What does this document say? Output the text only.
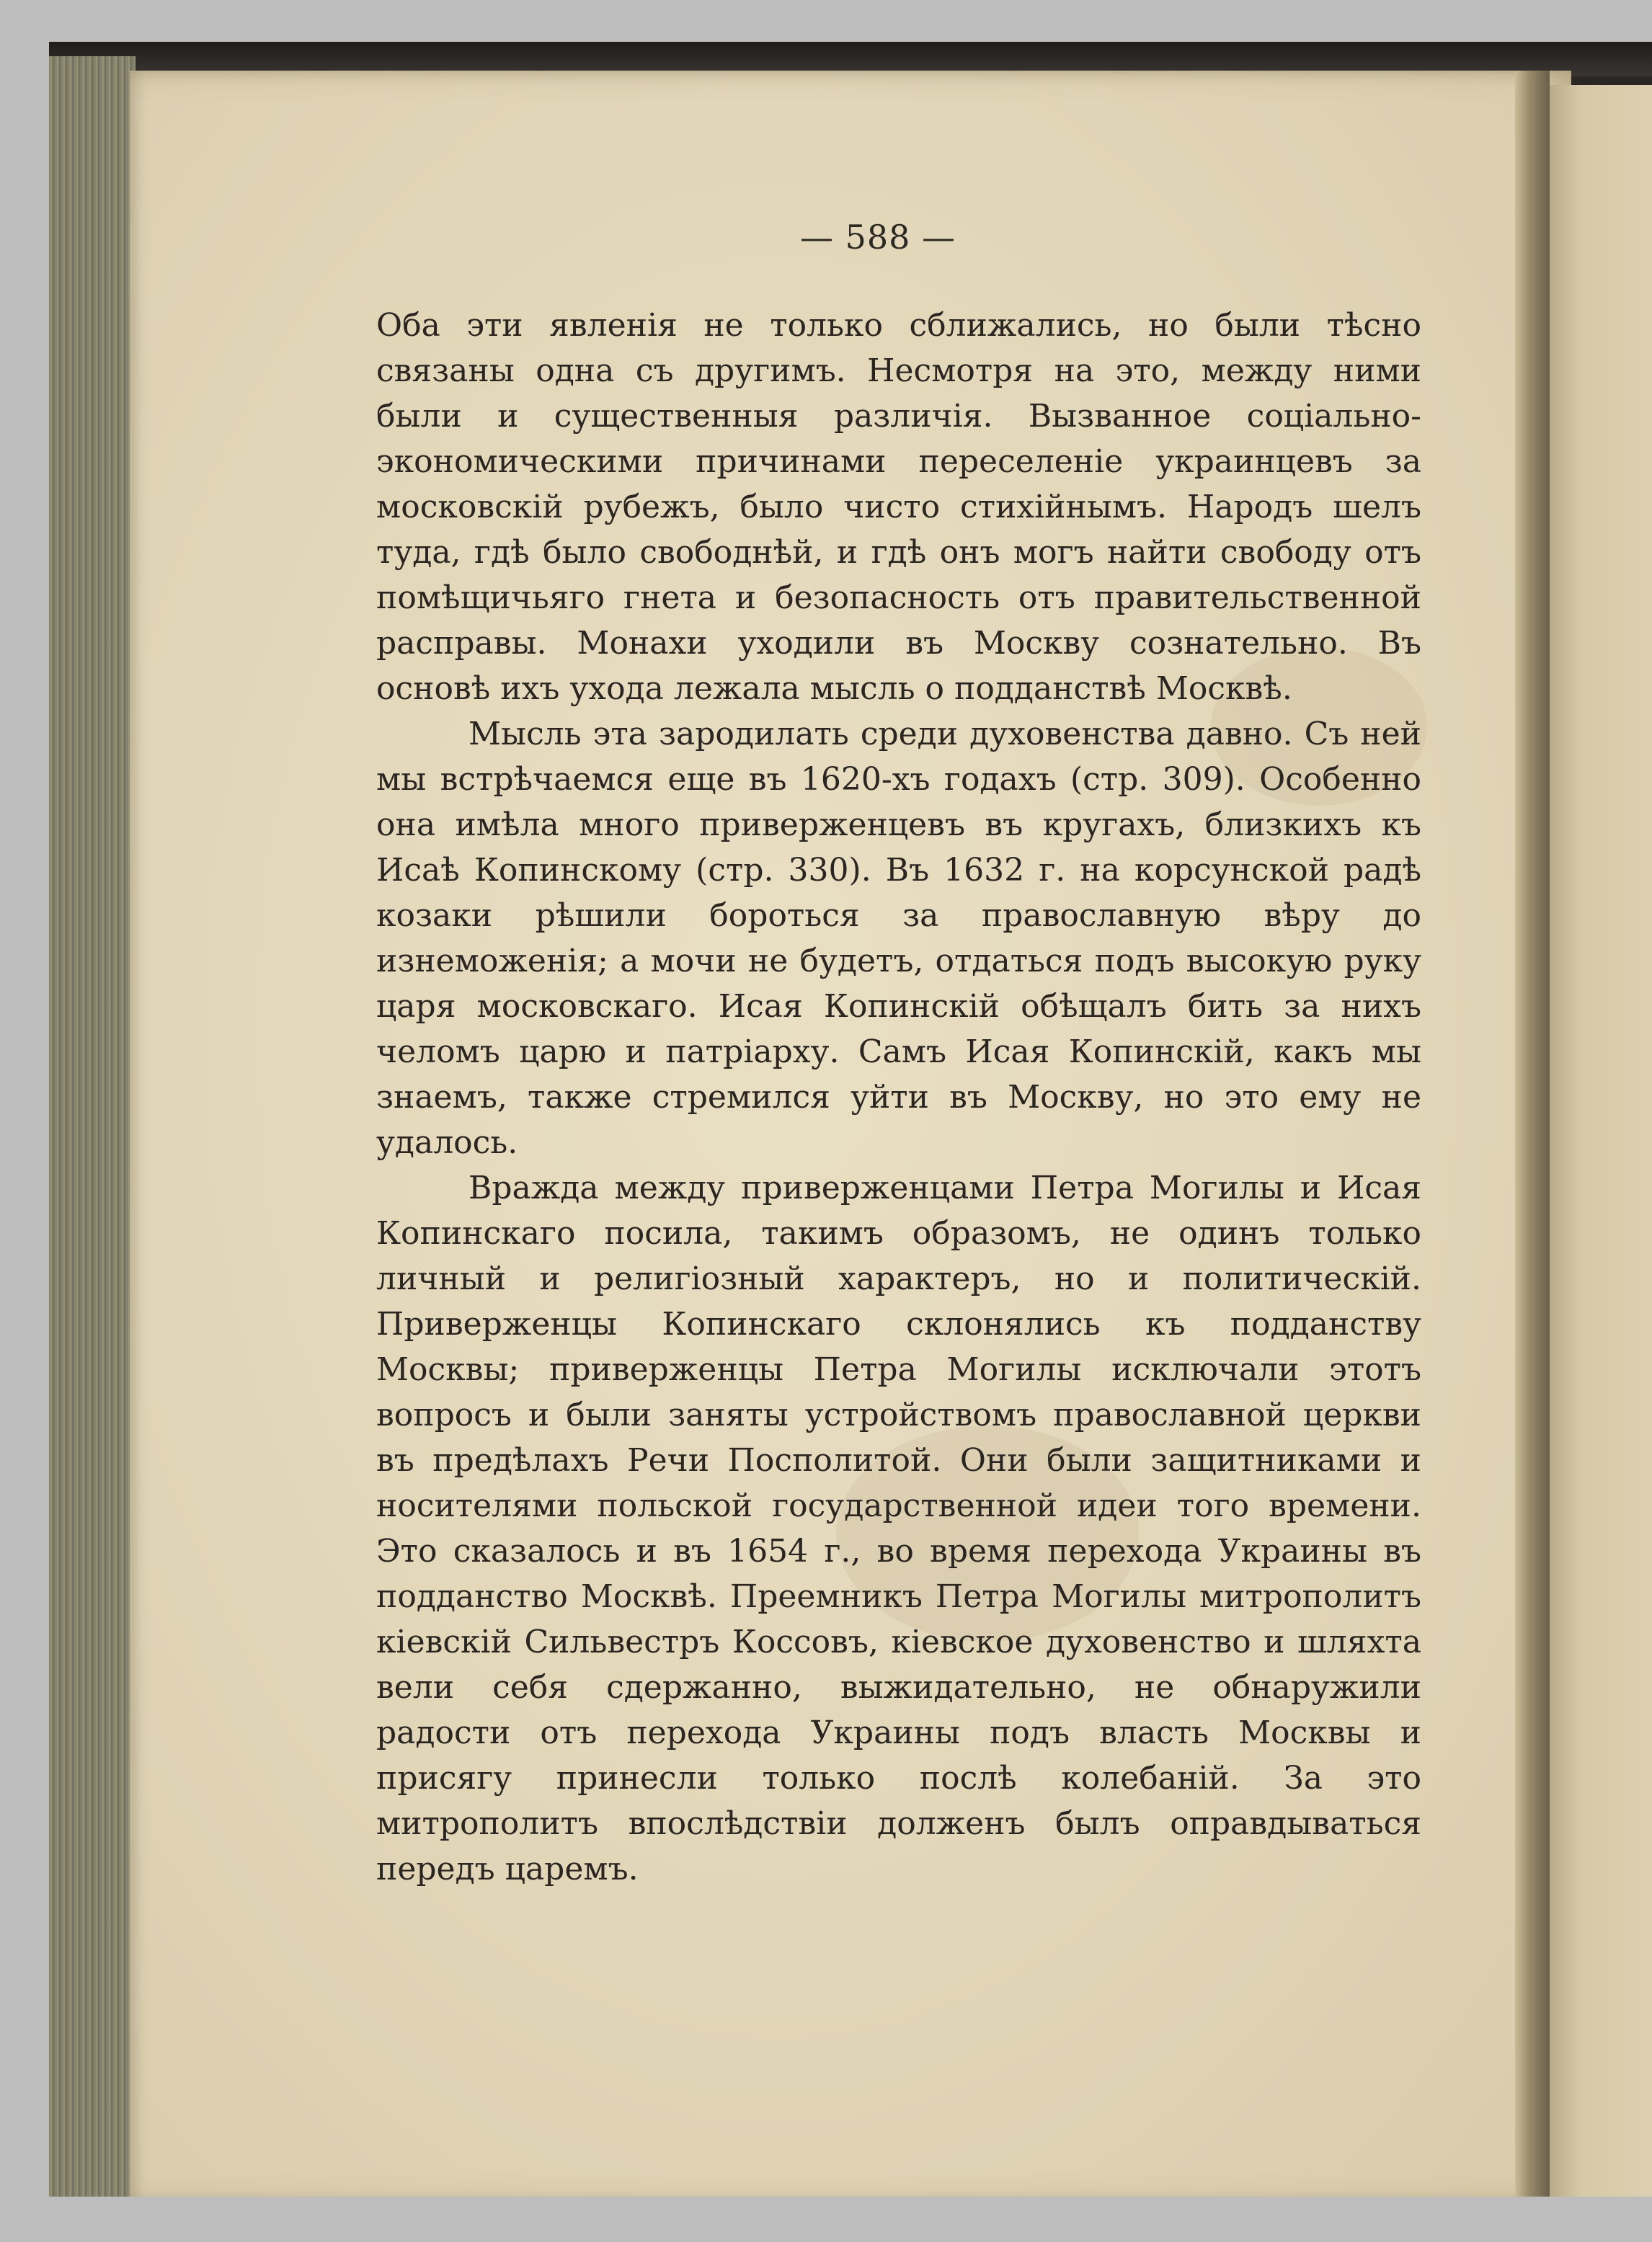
— 588 —

Оба эти явленія не только сближались, но были тѣсно связаны одна съ другимъ. Несмотря на это, между ними были и существенныя различія. Вызванное соціально-экономическими причинами переселеніе украинцевъ за московскій рубежъ, было чисто стихійнымъ. Народъ шелъ туда, гдѣ было свободнѣй, и гдѣ онъ могъ найти свободу отъ помѣщичьяго гнета и безопасность отъ правительственной расправы. Монахи уходили въ Москву сознательно. Въ основѣ ихъ ухода лежала мысль о подданствѣ Москвѣ.

Мысль эта зародилать среди духовенства давно. Съ ней мы встрѣчаемся еще въ 1620-хъ годахъ (стр. 309). Особенно она имѣла много приверженцевъ въ кругахъ, близкихъ къ Исаѣ Копинскому (стр. 330). Въ 1632 г. на корсунской радѣ козаки рѣшили бороться за православную вѣру до изнеможенія; а мочи не будетъ, отдаться подъ высокую руку царя московскаго. Исая Копинскій обѣщалъ бить за нихъ челомъ царю и патріарху. Самъ Исая Копинскій, какъ мы знаемъ, также стремился уйти въ Москву, но это ему не удалось.

Вражда между приверженцами Петра Могилы и Исая Копинскаго посила, такимъ образомъ, не одинъ только личный и религіозный характеръ, но и политическій. Приверженцы Копинскаго склонялись къ подданству Москвы; приверженцы Петра Могилы исключали этотъ вопросъ и были заняты устройствомъ православной церкви въ предѣлахъ Речи Посполитой. Они были защитниками и носителями польской государственной идеи того времени. Это сказалось и въ 1654 г., во время перехода Украины въ подданство Москвѣ. Преемникъ Петра Могилы митрополитъ кіевскій Сильвестръ Коссовъ, кіевское духовенство и шляхта вели себя сдержанно, выжидательно, не обнаружили радости отъ перехода Украины подъ власть Москвы и присягу принесли только послѣ колебаній. За это митрополитъ впослѣдствіи долженъ былъ оправдываться передъ царемъ.
